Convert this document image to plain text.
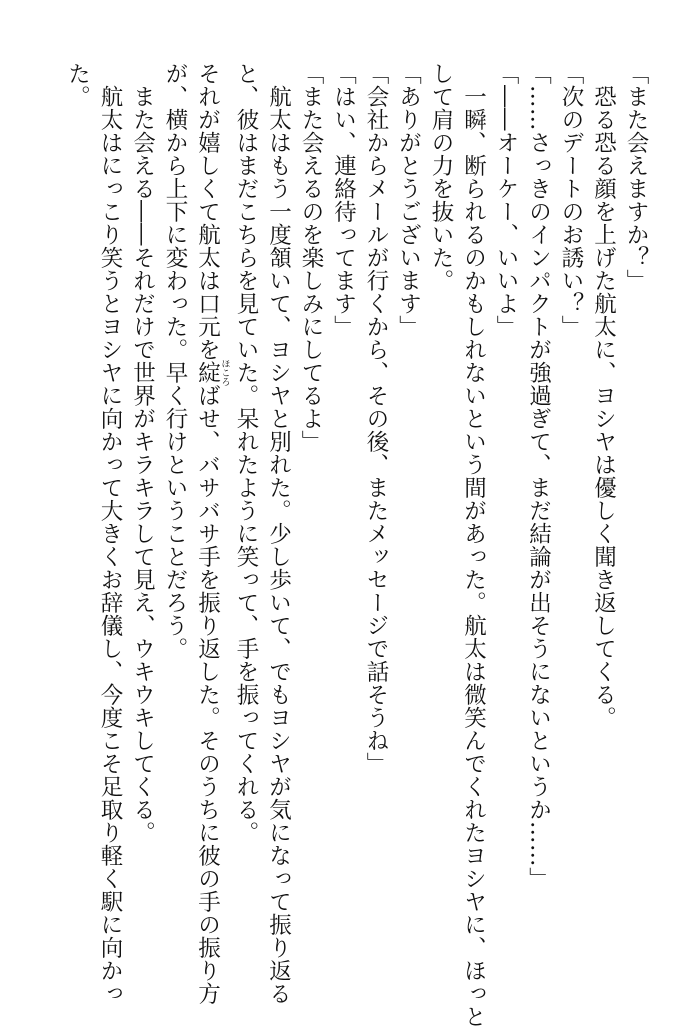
「また会えますか？」
　恐る恐る顔を上げた航太に、ヨシヤは優しく聞き返してくる。
「次のデートのお誘い？」
「……さっきのインパクトが強過ぎて、まだ結論が出そうにないというか……」
「――オーケー、いいよ」
　一瞬、断られるのかもしれないという間があった。航太は微笑んでくれたヨシヤに、ほっと
して肩の力を抜いた。
「ありがとうございます」
「会社からメールが行くから、その後、またメッセージで話そうね」
「はい、連絡待ってます」
「また会えるのを楽しみにしてるよ」
　航太はもう一度頷いて、ヨシヤと別れた。少し歩いて、でもヨシヤが気になって振り返る
と、彼はまだこちらを見ていた。呆れたように笑って、手を振ってくれる。
それが嬉しくて航太は口元を綻 ほころばせ、バサバサ手を振り返した。そのうちに彼の手の振り方
が、横から上下に変わった。早く行けということだろう。
　また会える――それだけで世界がキラキラして見え、ウキウキしてくる。
　航太はにっこり笑うとヨシヤに向かって大きくお辞儀し、今度こそ足取り軽く駅に向かっ
た。
